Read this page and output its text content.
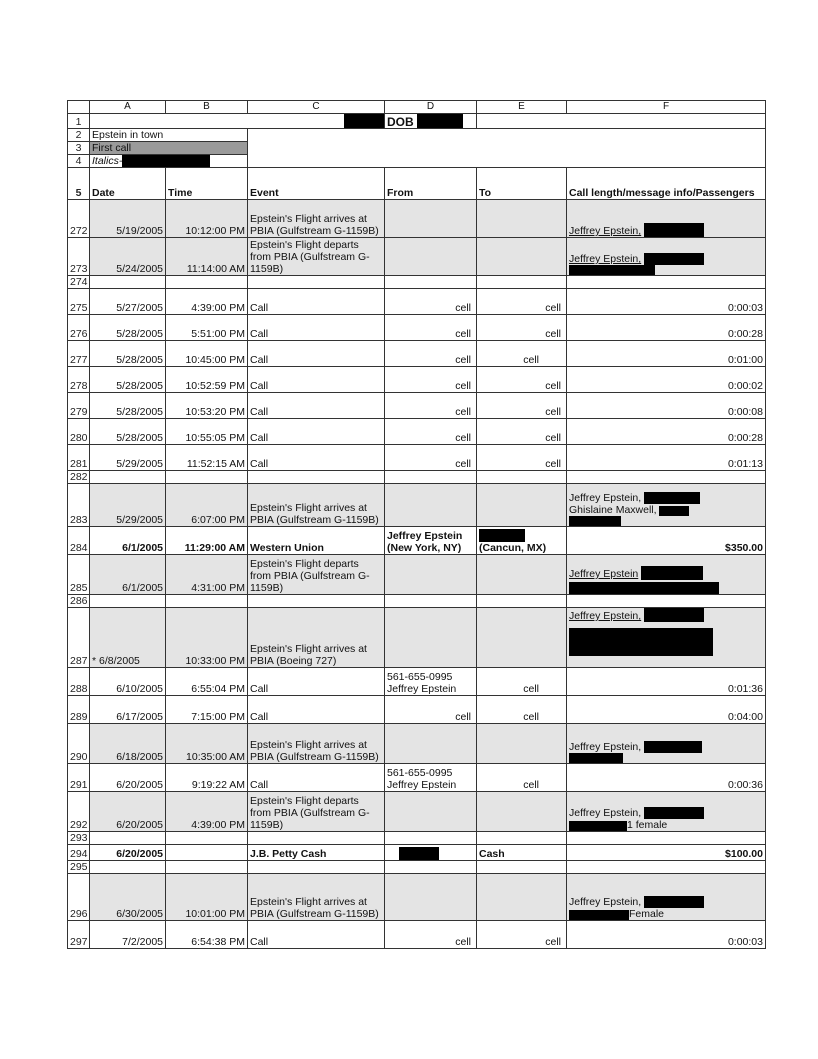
	A	B	C	D	E	F
1				DOB		
2	Epstein in town					
3	First call					
4	Italics-					
5	Date	Time	Event	From	To	Call length/message info/Passengers
272	5/19/2005	10:12:00 PM	Epstein's Flight arrives at PBIA (Gulfstream G-1159B)			Jeffrey Epstein,
273	5/24/2005	11:14:00 AM	Epstein's Flight departs from PBIA (Gulfstream G-1159B)			Jeffrey Epstein,

274						
275	5/27/2005	4:39:00 PM	Call	cell	cell	0:00:03
276	5/28/2005	5:51:00 PM	Call	cell	cell	0:00:28
277	5/28/2005	10:45:00 PM	Call	cell	cell	0:01:00
278	5/28/2005	10:52:59 PM	Call	cell	cell	0:00:02
279	5/28/2005	10:53:20 PM	Call	cell	cell	0:00:08
280	5/28/2005	10:55:05 PM	Call	cell	cell	0:00:28
281	5/29/2005	11:52:15 AM	Call	cell	cell	0:01:13
282						
283	5/29/2005	6:07:00 PM	Epstein's Flight arrives at PBIA (Gulfstream G-1159B)			Jeffrey Epstein,
Ghislaine Maxwell,

284	6/1/2005	11:29:00 AM	Western Union	Jeffrey Epstein (New York, NY)	(Cancun, MX)	$350.00
285	6/1/2005	4:31:00 PM	Epstein's Flight departs from PBIA (Gulfstream G-1159B)			Jeffrey Epstein

286						
287	* 6/8/2005	10:33:00 PM	Epstein's Flight arrives at PBIA (Boeing 727)			Jeffrey Epstein,

288	6/10/2005	6:55:04 PM	Call	561-655-0995 Jeffrey Epstein	cell	0:01:36
289	6/17/2005	7:15:00 PM	Call	cell	cell	0:04:00
290	6/18/2005	10:35:00 AM	Epstein's Flight arrives at PBIA (Gulfstream G-1159B)			Jeffrey Epstein,

291	6/20/2005	9:19:22 AM	Call	561-655-0995 Jeffrey Epstein	cell	0:00:36
292	6/20/2005	4:39:00 PM	Epstein's Flight departs from PBIA (Gulfstream G-1159B)			Jeffrey Epstein,
1 female
293						
294	6/20/2005		J.B. Petty Cash		Cash	$100.00
295						
296	6/30/2005	10:01:00 PM	Epstein's Flight arrives at PBIA (Gulfstream G-1159B)			Jeffrey Epstein,
Female
297	7/2/2005	6:54:38 PM	Call	cell	cell	0:00:03
